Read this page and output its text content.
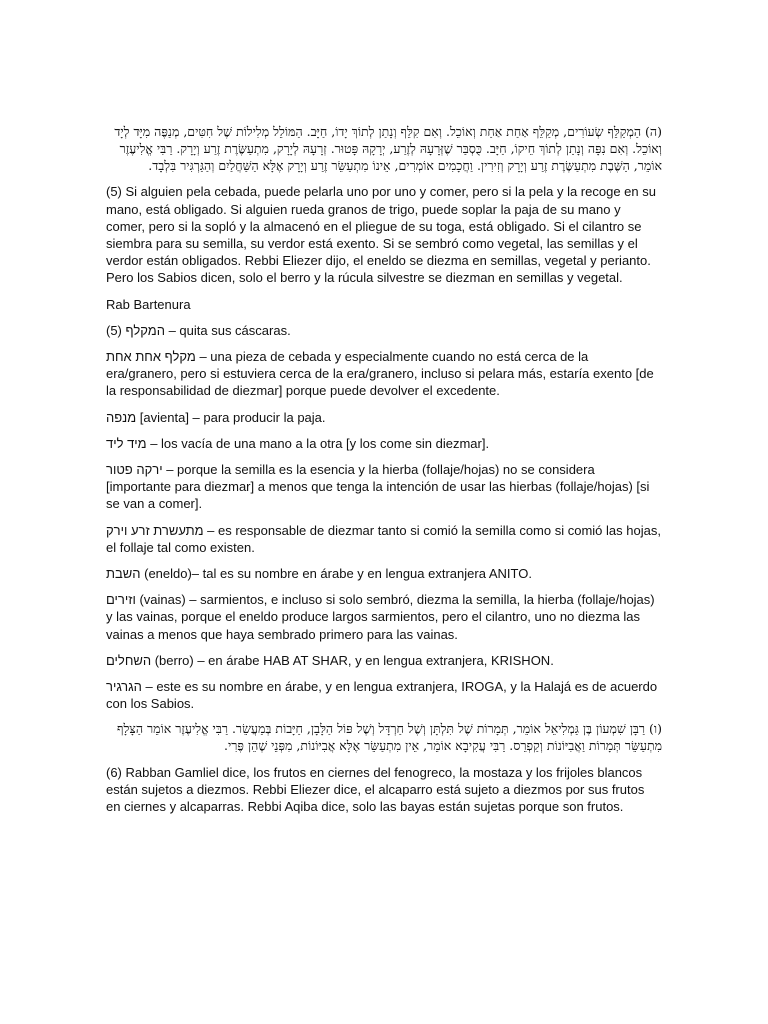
(ה) הַמְקַלֵּף שְׂעוֹרִים, מְקַלֵּף אַחַת אַחַת וְאוֹכֵל. וְאִם קִלֵּף וְנָתַן לְתוֹךְ יָדוֹ, חַיָּב. הַמּוֹלֵל מְלִילוֹת שֶׁל חִטִּים, מְנַפֶּה מִיָּד לְיָד וְאוֹכֵל. וְאִם נִפָּה וְנָתַן לְתוֹךְ חֵיקוֹ, חַיָּב. כֻּסְבַּר שֶׁזְּרָעָהּ לְזֶרַע, יְרָקָהּ פָּטוּר. זְרָעָהּ לְיָרָק, מִתְעַשֶּׂרֶת זֶרַע וְיָרָק. רַבִּי אֱלִיעֶזֶר אוֹמֵר, הַשֶּׁבֶת מִתְעַשֶּׂרֶת זֶרַע וְיָרָק וְזִירִין. וַחֲכָמִים אוֹמְרִים, אֵינוֹ מִתְעַשֵּׂר זֶרַע וְיָרָק אֶלָּא הַשַּׁחֲלַיִם וְהַגַּרְגִּיר בִּלְבָד.

(5) Si alguien pela cebada, puede pelarla uno por uno y comer, pero si la pela y la recoge en su mano, está obligado. Si alguien rueda granos de trigo, puede soplar la paja de su mano y comer, pero si la sopló y la almacenó en el pliegue de su toga, está obligado. Si el cilantro se siembra para su semilla, su verdor está exento. Si se sembró como vegetal, las semillas y el verdor están obligados. Rebbi Eliezer dijo, el eneldo se diezma en semillas, vegetal y perianto. Pero los Sabios dicen, solo el berro y la rúcula silvestre se diezman en semillas y vegetal.

Rab Bartenura

(5) המקלף – quita sus cáscaras.

מקלף אחת אחת – una pieza de cebada y especialmente cuando no está cerca de la era/granero, pero si estuviera cerca de la era/granero, incluso si pelara más, estaría exento [de la responsabilidad de diezmar] porque puede devolver el excedente.

מנפה [avienta] – para producir la paja.

מיד ליד – los vacía de una mano a la otra [y los come sin diezmar].

ירקה פטור – porque la semilla es la esencia y la hierba (follaje/hojas) no se considera [importante para diezmar] a menos que tenga la intención de usar las hierbas (follaje/hojas) [si se van a comer].

מתעשרת זרע וירק – es responsable de diezmar tanto si comió la semilla como si comió las hojas, el follaje tal como existen.

השבת (eneldo)– tal es su nombre en árabe y en lengua extranjera ANITO.

וזירים (vainas) – sarmientos, e incluso si solo sembró, diezma la semilla, la hierba (follaje/hojas) y las vainas, porque el eneldo produce largos sarmientos, pero el cilantro, uno no diezma las vainas a menos que haya sembrado primero para las vainas.

השחלים (berro) – en árabe HAB AT SHAR, y en lengua extranjera, KRISHON.

הגרגיר – este es su nombre en árabe, y en lengua extranjera, IROGA, y la Halajá es de acuerdo con los Sabios.

(ו) רַבָּן שִׁמְעוֹן בֶּן גַּמְלִיאֵל אוֹמֵר, תְּמָרוֹת שֶׁל תִּלְתָּן וְשֶׁל חַרְדָּל וְשֶׁל פּוֹל הַלָּבָן, חַיָּבוֹת בְּמַעֲשֵׂר. רַבִּי אֱלִיעֶזֶר אוֹמֵר הַצָּלָף מִתְעַשֵּׂר תְּמָרוֹת וַאֲבִיּוֹנוֹת וְקַפְרֵס. רַבִּי עֲקִיבָא אוֹמֵר, אֵין מִתְעַשֵּׂר אֶלָּא אֲבִיּוֹנוֹת, מִפְּנֵי שֶׁהֵן פֶּרִי.

(6) Rabban Gamliel dice, los frutos en ciernes del fenogreco, la mostaza y los frijoles blancos están sujetos a diezmos. Rebbi Eliezer dice, el alcaparro está sujeto a diezmos por sus frutos en ciernes y alcaparras. Rebbi Aqiba dice, solo las bayas están sujetas porque son frutos.
